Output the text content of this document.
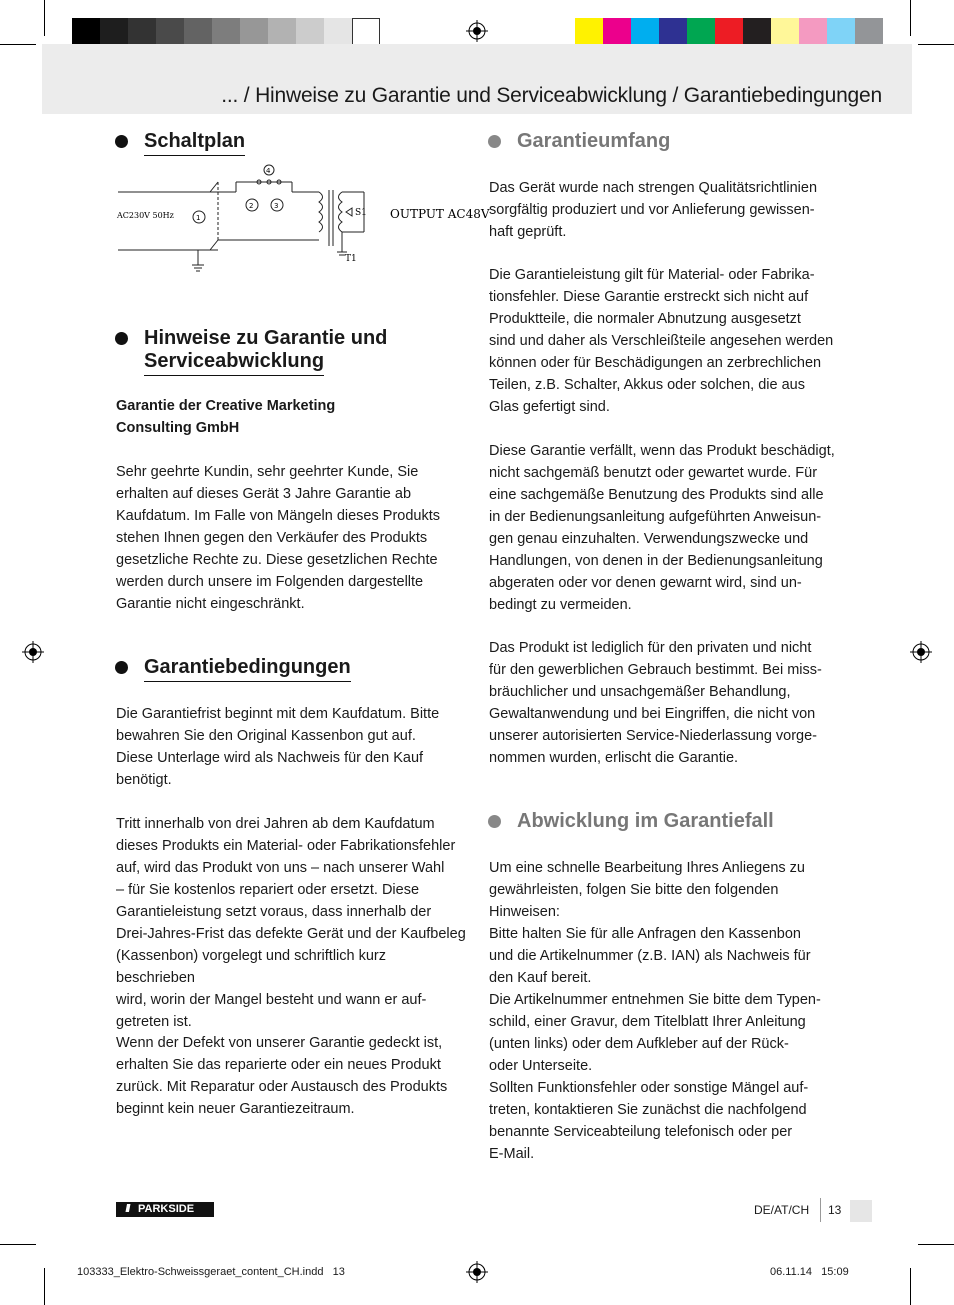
... / Hinweise zu Garantie und Serviceabwicklung / Garantiebedingungen
Schaltplan
AC230V 50Hz	OUTPUT AC48V
S1
T1
1
4
2	3
Hinweise zu Garantie und
Serviceabwicklung
Garantie der Creative Marketing
Consulting GmbH
Sehr geehrte Kundin, sehr geehrter Kunde, Sie
erhalten auf dieses Gerät 3 Jahre Garantie ab
Kaufdatum. Im Falle von Mängeln dieses Produkts
stehen Ihnen gegen den Verkäufer des Produkts
gesetzliche Rechte zu. Diese gesetzlichen Rechte
werden durch unsere im Folgenden dargestellte
Garantie nicht eingeschränkt.
Garantiebedingungen
Die Garantiefrist beginnt mit dem Kaufdatum. Bitte
bewahren Sie den Original Kassenbon gut auf.
Diese Unterlage wird als Nachweis für den Kauf
benötigt.
Tritt innerhalb von drei Jahren ab dem Kaufdatum
dieses Produkts ein Material- oder Fabrikationsfehler
auf, wird das Produkt von uns – nach unserer Wahl
– für Sie kostenlos repariert oder ersetzt. Diese
Garantieleistung setzt voraus, dass innerhalb der
Drei-Jahres-Frist das defekte Gerät und der Kaufbeleg
(Kassenbon) vorgelegt und schriftlich kurz beschrieben
wird, worin der Mangel besteht und wann er auf-
getreten ist.
Wenn der Defekt von unserer Garantie gedeckt ist,
erhalten Sie das reparierte oder ein neues Produkt
zurück. Mit Reparatur oder Austausch des Produkts
beginnt kein neuer Garantiezeitraum.
Garantieumfang
Das Gerät wurde nach strengen Qualitätsrichtlinien
sorgfältig produziert und vor Anlieferung gewissen-
haft geprüft.
Die Garantieleistung gilt für Material- oder Fabrika-
tionsfehler. Diese Garantie erstreckt sich nicht auf
Produktteile, die normaler Abnutzung ausgesetzt
sind und daher als Verschleißteile angesehen werden
können oder für Beschädigungen an zerbrechlichen
Teilen, z.B. Schalter, Akkus oder solchen, die aus
Glas gefertigt sind.
Diese Garantie verfällt, wenn das Produkt beschädigt,
nicht sachgemäß benutzt oder gewartet wurde. Für
eine sachgemäße Benutzung des Produkts sind alle
in der Bedienungsanleitung aufgeführten Anweisun-
gen genau einzuhalten. Verwendungszwecke und
Handlungen, von denen in der Bedienungsanleitung
abgeraten oder vor denen gewarnt wird, sind un-
bedingt zu vermeiden.
Das Produkt ist lediglich für den privaten und nicht
für den gewerblichen Gebrauch bestimmt. Bei miss-
bräuchlicher und unsachgemäßer Behandlung,
Gewaltanwendung und bei Eingriffen, die nicht von
unserer autorisierten Service-Niederlassung vorge-
nommen wurden, erlischt die Garantie.
Abwicklung im Garantiefall
Um eine schnelle Bearbeitung Ihres Anliegens zu
gewährleisten, folgen Sie bitte den folgenden
Hinweisen:
Bitte halten Sie für alle Anfragen den Kassenbon
und die Artikelnummer (z.B. IAN) als Nachweis für
den Kauf bereit.
Die Artikelnummer entnehmen Sie bitte dem Typen-
schild, einer Gravur, dem Titelblatt Ihrer Anleitung
(unten links) oder dem Aufkleber auf der Rück-
oder Unterseite.
Sollten Funktionsfehler oder sonstige Mängel auf-
treten, kontaktieren Sie zunächst die nachfolgend
benannte Serviceabteilung telefonisch oder per
E-Mail.
/// PARKSIDE	DE/AT/CH 13
103333_Elektro-Schweissgeraet_content_CH.indd   13	06.11.14   15:09
